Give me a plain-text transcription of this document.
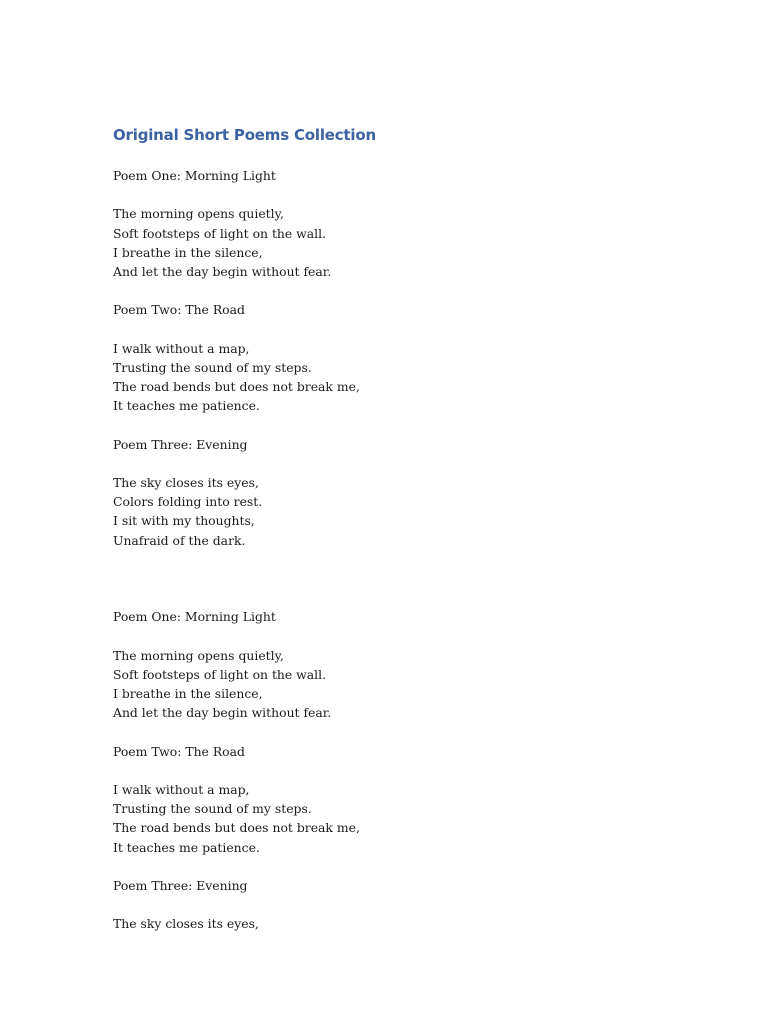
Original Short Poems Collection
Poem One: Morning Light
The morning opens quietly,
Soft footsteps of light on the wall.
I breathe in the silence,
And let the day begin without fear.
Poem Two: The Road
I walk without a map,
Trusting the sound of my steps.
The road bends but does not break me,
It teaches me patience.
Poem Three: Evening
The sky closes its eyes,
Colors folding into rest.
I sit with my thoughts,
Unafraid of the dark.
Poem One: Morning Light
The morning opens quietly,
Soft footsteps of light on the wall.
I breathe in the silence,
And let the day begin without fear.
Poem Two: The Road
I walk without a map,
Trusting the sound of my steps.
The road bends but does not break me,
It teaches me patience.
Poem Three: Evening
The sky closes its eyes,
